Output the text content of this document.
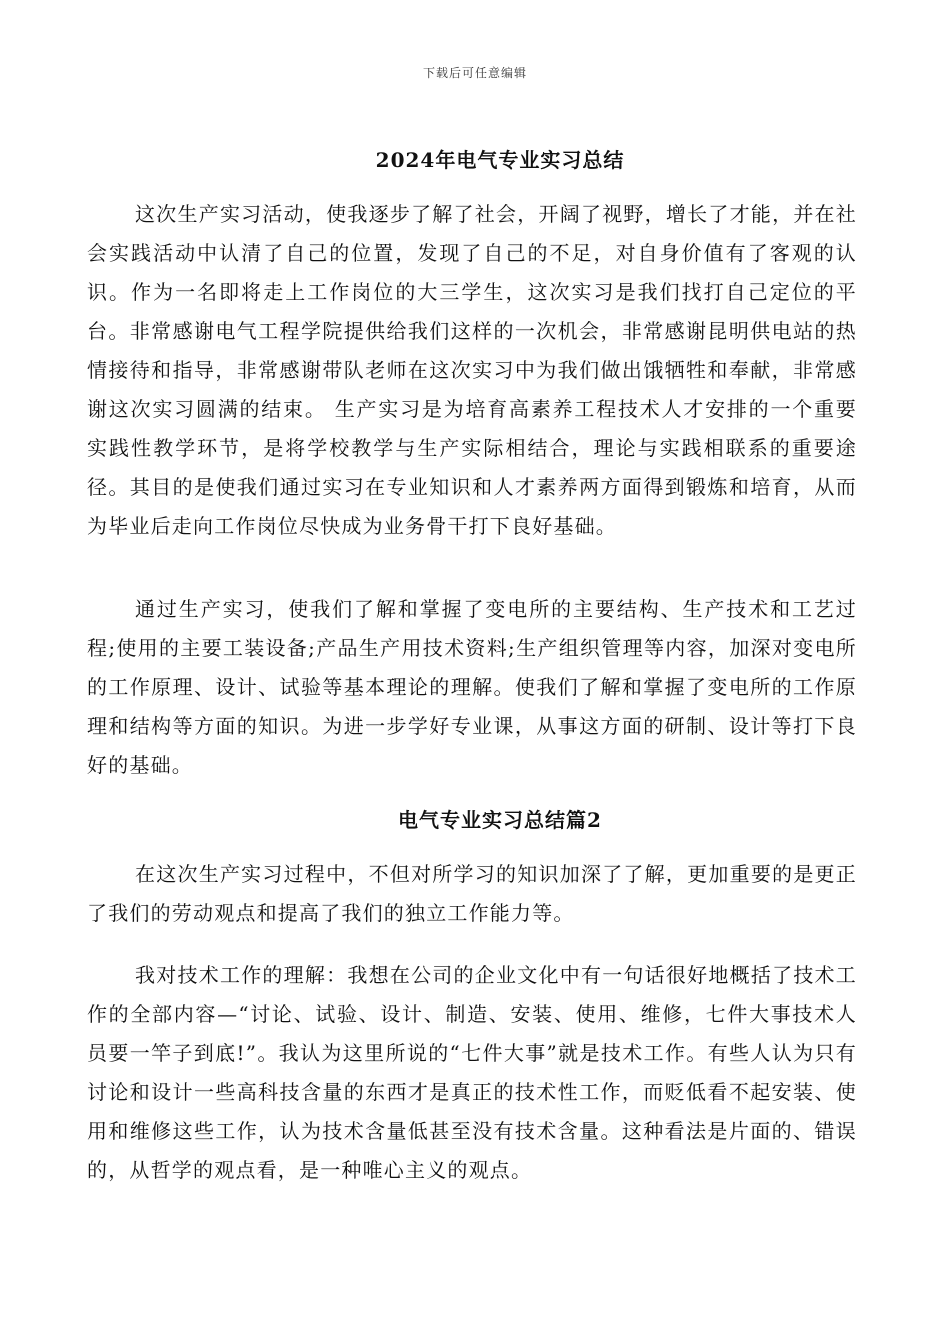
下载后可任意编辑
2024年电气专业实习总结

这次生产实习活动，使我逐步了解了社会，开阔了视野，增长了才能，并在社会实践活动中认清了自己的位置，发现了自己的不足，对自身价值有了客观的认识。作为一名即将走上工作岗位的大三学生，这次实习是我们找打自己定位的平台。非常感谢电气工程学院提供给我们这样的一次机会，非常感谢昆明供电站的热情接待和指导，非常感谢带队老师在这次实习中为我们做出饿牺牲和奉献，非常感谢这次实习圆满的结束。 生产实习是为培育高素养工程技术人才安排的一个重要实践性教学环节，是将学校教学与生产实际相结合，理论与实践相联系的重要途径。其目的是使我们通过实习在专业知识和人才素养两方面得到锻炼和培育，从而为毕业后走向工作岗位尽快成为业务骨干打下良好基础。

通过生产实习，使我们了解和掌握了变电所的主要结构、生产技术和工艺过程;使用的主要工装设备;产品生产用技术资料;生产组织管理等内容，加深对变电所的工作原理、设计、试验等基本理论的理解。使我们了解和掌握了变电所的工作原理和结构等方面的知识。为进一步学好专业课，从事这方面的研制、设计等打下良好的基础。

电气专业实习总结篇2

在这次生产实习过程中，不但对所学习的知识加深了了解，更加重要的是更正了我们的劳动观点和提高了我们的独立工作能力等。

我对技术工作的理解：我想在公司的企业文化中有一句话很好地概括了技术工作的全部内容—“讨论、试验、设计、制造、安装、使用、维修，七件大事技术人员要一竿子到底!”。我认为这里所说的“七件大事”就是技术工作。有些人认为只有讨论和设计一些高科技含量的东西才是真正的技术性工作，而贬低看不起安装、使用和维修这些工作，认为技术含量低甚至没有技术含量。这种看法是片面的、错误的，从哲学的观点看，是一种唯心主义的观点。
